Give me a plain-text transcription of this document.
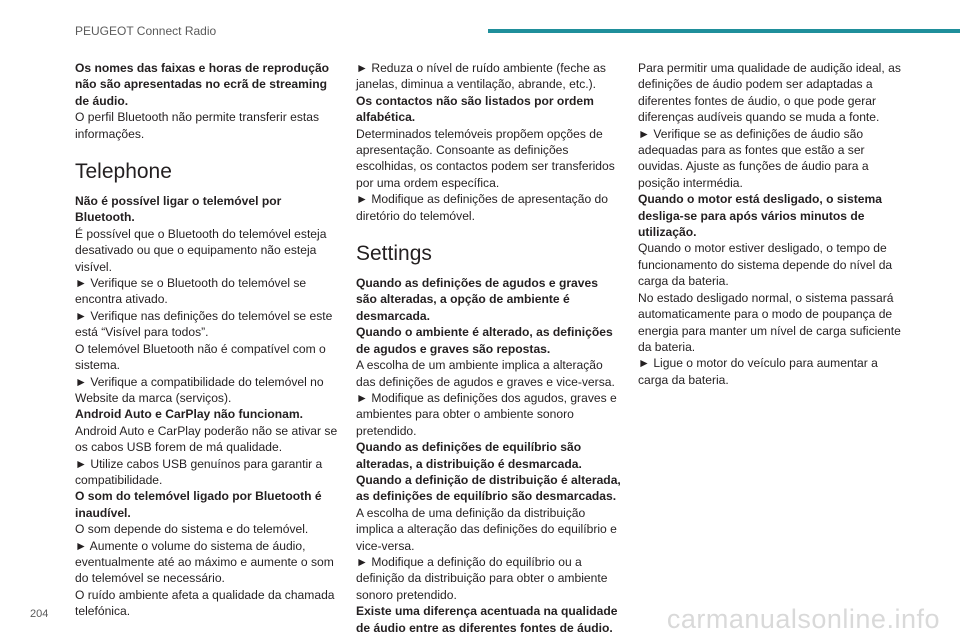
PEUGEOT Connect Radio

Os nomes das faixas e horas de reprodução não são apresentadas no ecrã de streaming de áudio.

O perfil Bluetooth não permite transferir estas informações.

Telephone

Não é possível ligar o telemóvel por Bluetooth.

É possível que o Bluetooth do telemóvel esteja desativado ou que o equipamento não esteja visível.

► Verifique se o Bluetooth do telemóvel se encontra ativado.

► Verifique nas definições do telemóvel se este está “Visível para todos”.

O telemóvel Bluetooth não é compatível com o sistema.

► Verifique a compatibilidade do telemóvel no Website da marca (serviços).

Android Auto e CarPlay não funcionam.

Android Auto e CarPlay poderão não se ativar se os cabos USB forem de má qualidade.

► Utilize cabos USB genuínos para garantir a compatibilidade.

O som do telemóvel ligado por Bluetooth é inaudível.

O som depende do sistema e do telemóvel.

► Aumente o volume do sistema de áudio, eventualmente até ao máximo e aumente o som do telemóvel se necessário.

O ruído ambiente afeta a qualidade da chamada telefónica.

► Reduza o nível de ruído ambiente (feche as janelas, diminua a ventilação, abrande, etc.).

Os contactos não são listados por ordem alfabética.

Determinados telemóveis propõem opções de apresentação. Consoante as definições escolhidas, os contactos podem ser transferidos por uma ordem específica.

► Modifique as definições de apresentação do diretório do telemóvel.

Settings

Quando as definições de agudos e graves são alteradas, a opção de ambiente é desmarcada.

Quando o ambiente é alterado, as definições de agudos e graves são repostas.

A escolha de um ambiente implica a alteração das definições de agudos e graves e vice-versa.

► Modifique as definições dos agudos, graves e ambientes para obter o ambiente sonoro pretendido.

Quando as definições de equilíbrio são alteradas, a distribuição é desmarcada.

Quando a definição de distribuição é alterada, as definições de equilíbrio são desmarcadas.

A escolha de uma definição da distribuição implica a alteração das definições do equilíbrio e vice-versa.

► Modifique a definição do equilíbrio ou a definição da distribuição para obter o ambiente sonoro pretendido.

Existe uma diferença acentuada na qualidade de áudio entre as diferentes fontes de áudio.

Para permitir uma qualidade de audição ideal, as definições de áudio podem ser adaptadas a diferentes fontes de áudio, o que pode gerar diferenças audíveis quando se muda a fonte.

► Verifique se as definições de áudio são adequadas para as fontes que estão a ser ouvidas. Ajuste as funções de áudio para a posição intermédia.

Quando o motor está desligado, o sistema desliga-se para após vários minutos de utilização.

Quando o motor estiver desligado, o tempo de funcionamento do sistema depende do nível da carga da bateria.

No estado desligado normal, o sistema passará automaticamente para o modo de poupança de energia para manter um nível de carga suficiente da bateria.

► Ligue o motor do veículo para aumentar a carga da bateria.

204	carmanualsonline.info
